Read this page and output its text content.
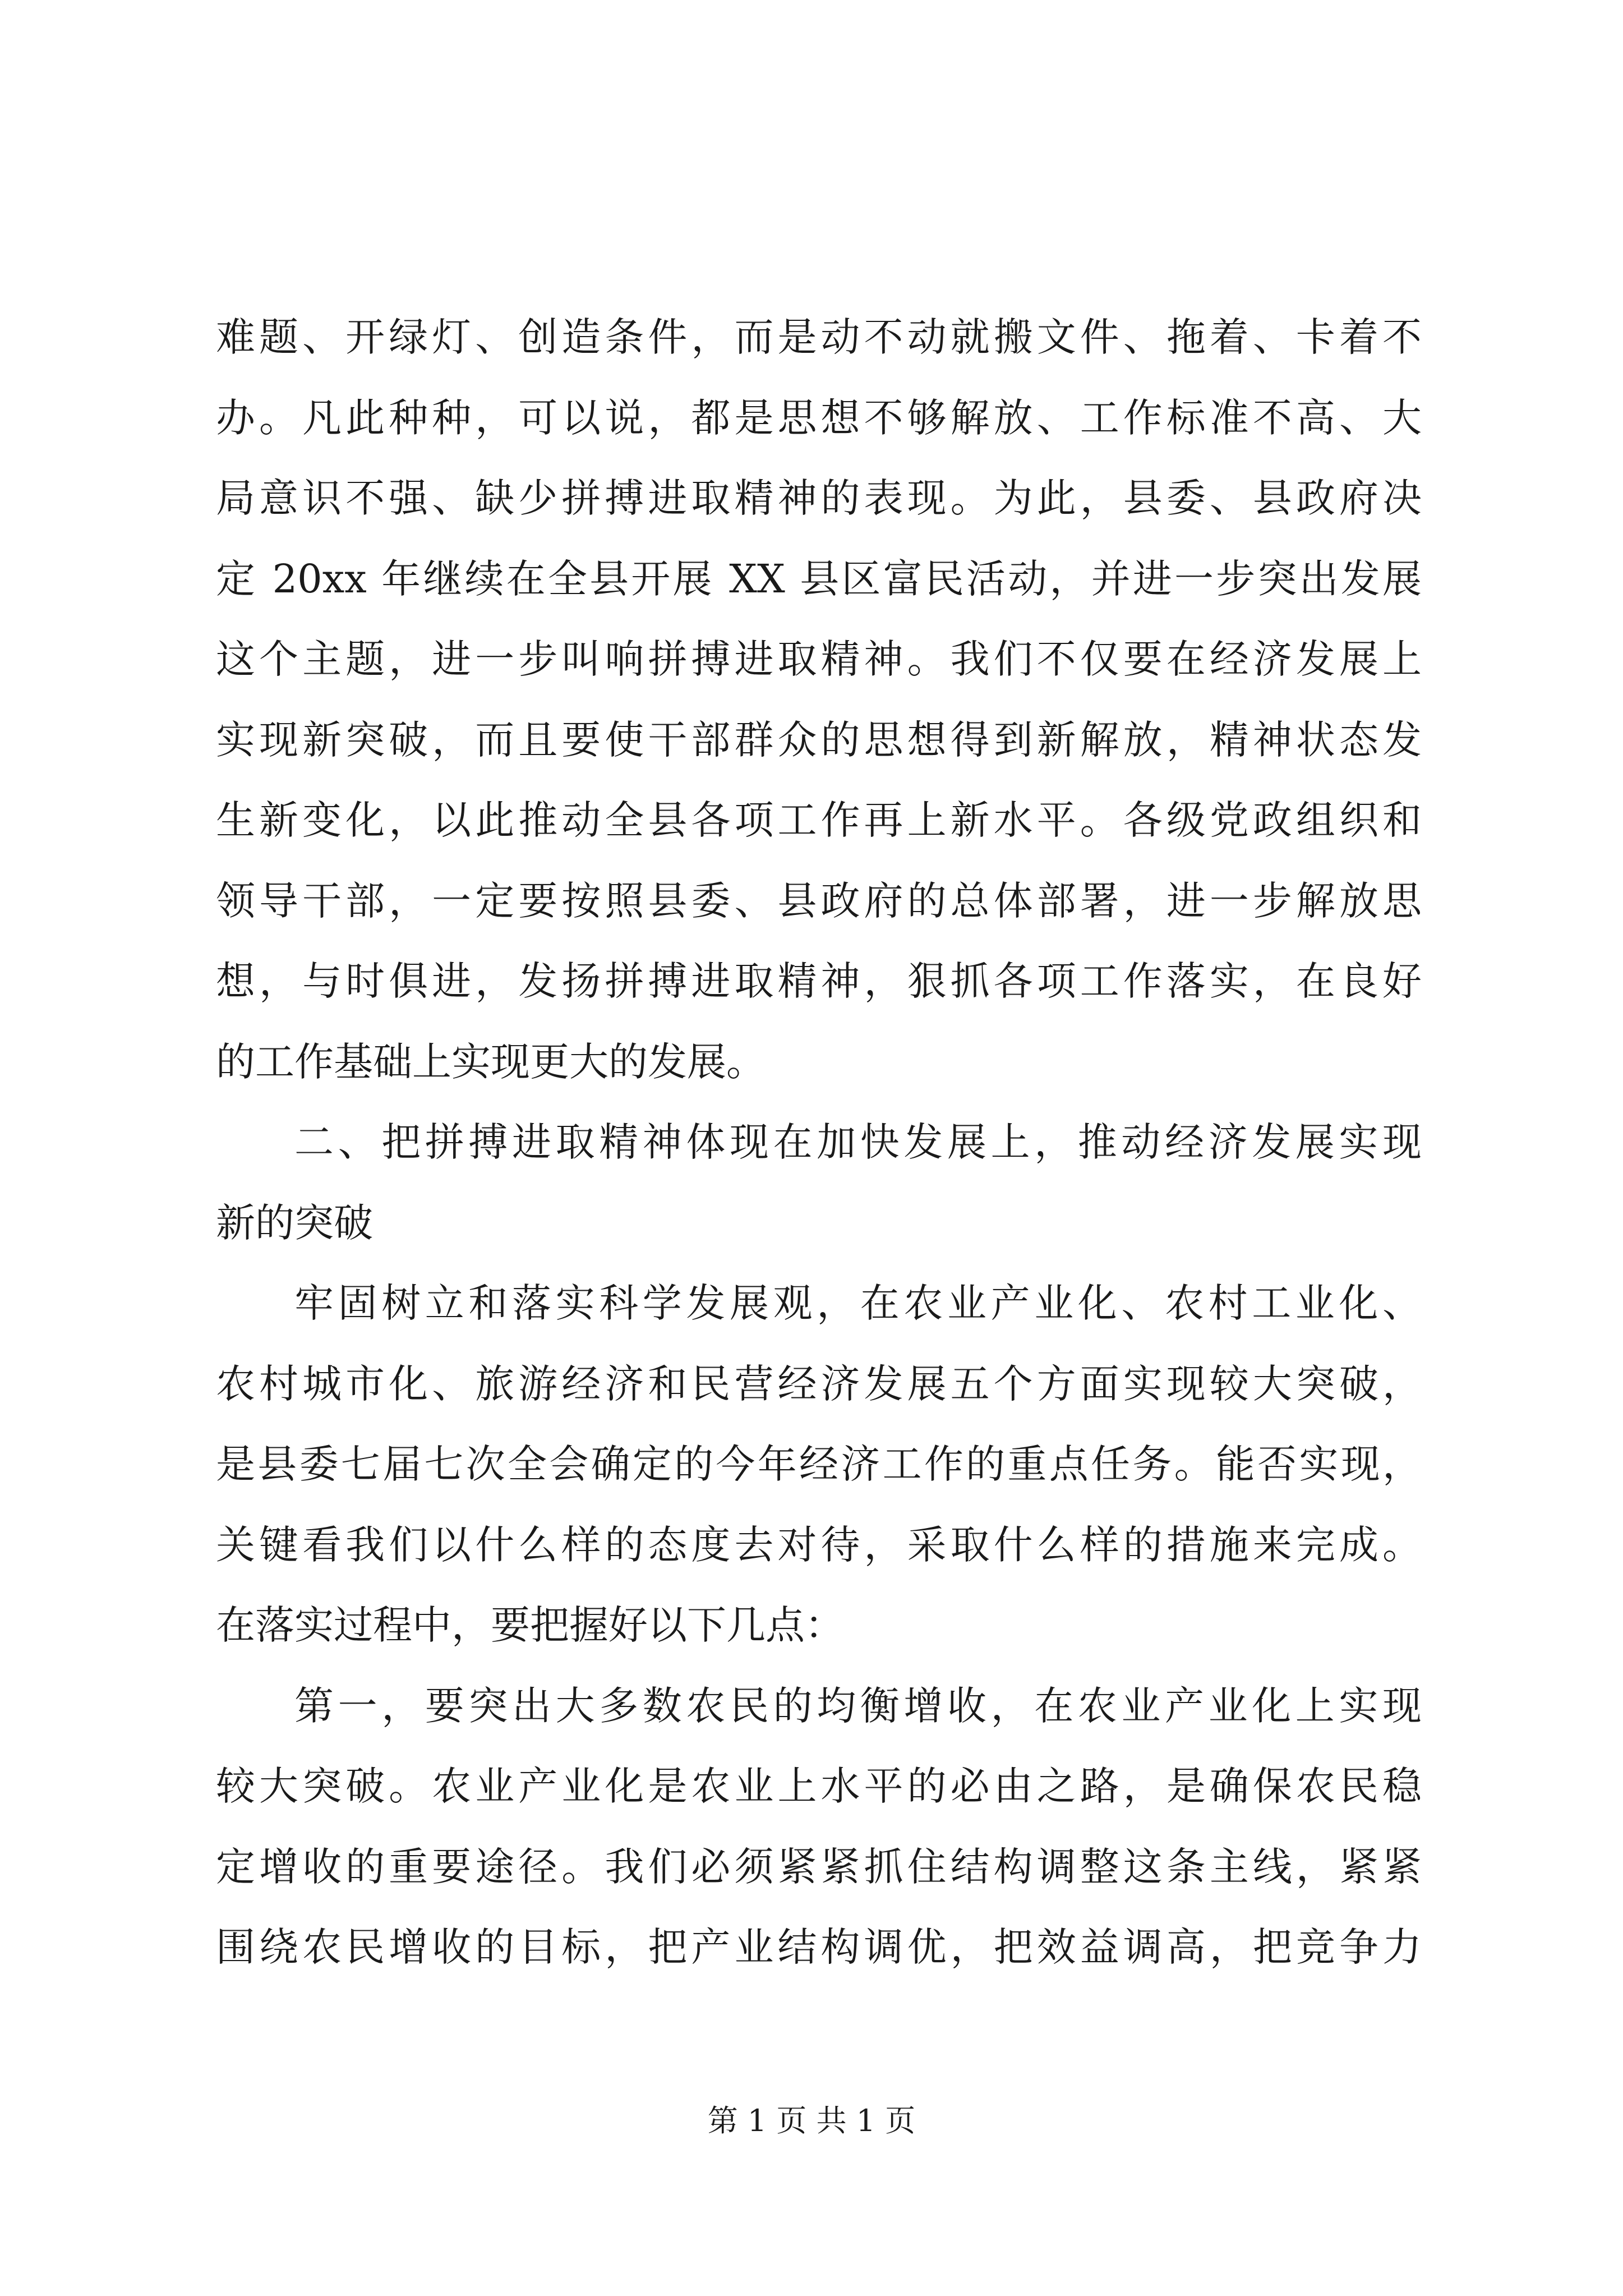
难题、开绿灯、创造条件，而是动不动就搬文件、拖着、卡着不
办。凡此种种，可以说，都是思想不够解放、工作标准不高、大
局意识不强、缺少拼搏进取精神的表现。为此，县委、县政府决
定 20xx 年继续在全县开展 XX 县区富民活动，并进一步突出发展
这个主题，进一步叫响拼搏进取精神。我们不仅要在经济发展上
实现新突破，而且要使干部群众的思想得到新解放，精神状态发
生新变化，以此推动全县各项工作再上新水平。各级党政组织和
领导干部，一定要按照县委、县政府的总体部署，进一步解放思
想，与时俱进，发扬拼搏进取精神，狠抓各项工作落实，在良好
的工作基础上实现更大的发展。
二、把拼搏进取精神体现在加快发展上，推动经济发展实现
新的突破
牢固树立和落实科学发展观，在农业产业化、农村工业化、
农村城市化、旅游经济和民营经济发展五个方面实现较大突破，
是县委七届七次全会确定的今年经济工作的重点任务。能否实现，
关键看我们以什么样的态度去对待，采取什么样的措施来完成。
在落实过程中，要把握好以下几点：
第一，要突出大多数农民的均衡增收，在农业产业化上实现
较大突破。农业产业化是农业上水平的必由之路，是确保农民稳
定增收的重要途径。我们必须紧紧抓住结构调整这条主线，紧紧
围绕农民增收的目标，把产业结构调优，把效益调高，把竞争力
第 1 页 共 1 页
